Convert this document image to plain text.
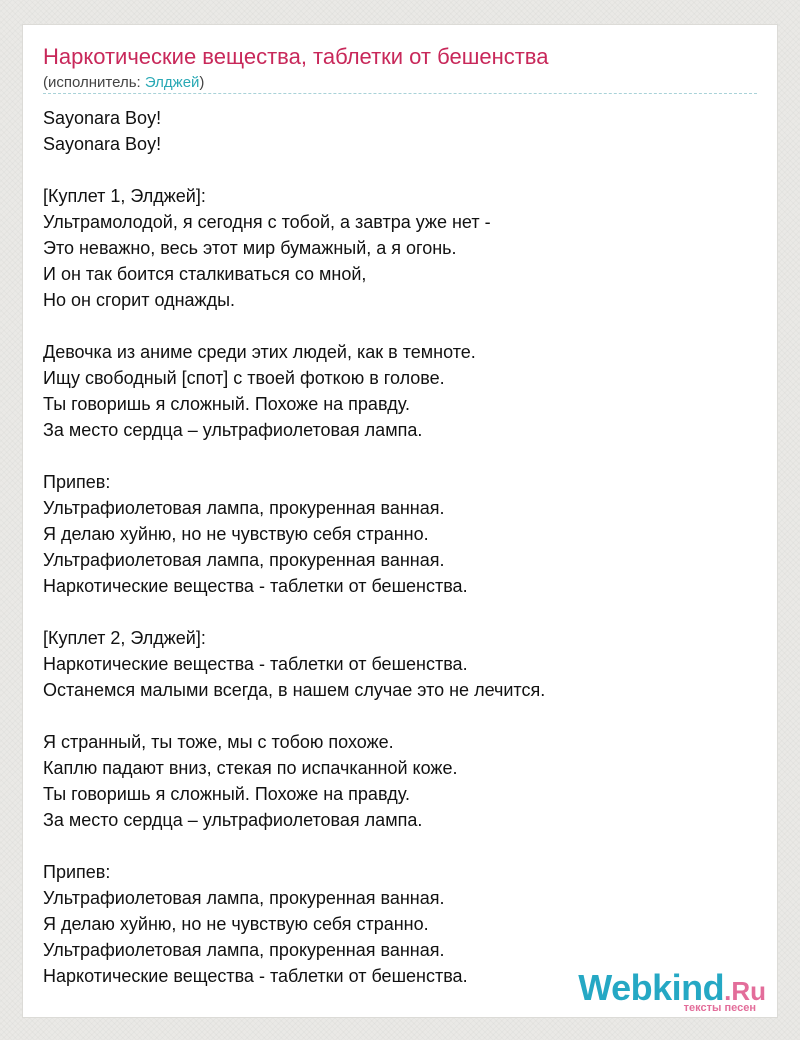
Наркотические вещества, таблетки от бешенства
(исполнитель: Элджей)
Sayonara Boy!
Sayonara Boy!
[Куплет 1, Элджей]:
Ультрамолодой, я сегодня с тобой, а завтра уже нет -
Это неважно, весь этот мир бумажный, а я огонь.
И он так боится сталкиваться со мной,
Но он сгорит однажды.
Девочка из аниме среди этих людей, как в темноте.
Ищу свободный [спот] с твоей фоткою в голове.
Ты говоришь я сложный. Похоже на правду.
За место сердца – ультрафиолетовая лампа.
Припев:
Ультрафиолетовая лампа, прокуренная ванная.
Я делаю хуйню, но не чувствую себя странно.
Ультрафиолетовая лампа, прокуренная ванная.
Наркотические вещества - таблетки от бешенства.
[Куплет 2, Элджей]:
Наркотические вещества - таблетки от бешенства.
Останемся малыми всегда, в нашем случае это не лечится.
Я странный, ты тоже, мы с тобою похоже.
Каплю падают вниз, стекая по испачканной коже.
Ты говоришь я сложный. Похоже на правду.
За место сердца – ультрафиолетовая лампа.
Припев:
Ультрафиолетовая лампа, прокуренная ванная.
Я делаю хуйню, но не чувствую себя странно.
Ультрафиолетовая лампа, прокуренная ванная.
Наркотические вещества - таблетки от бешенства.	Webkind.Ru
тексты песен
